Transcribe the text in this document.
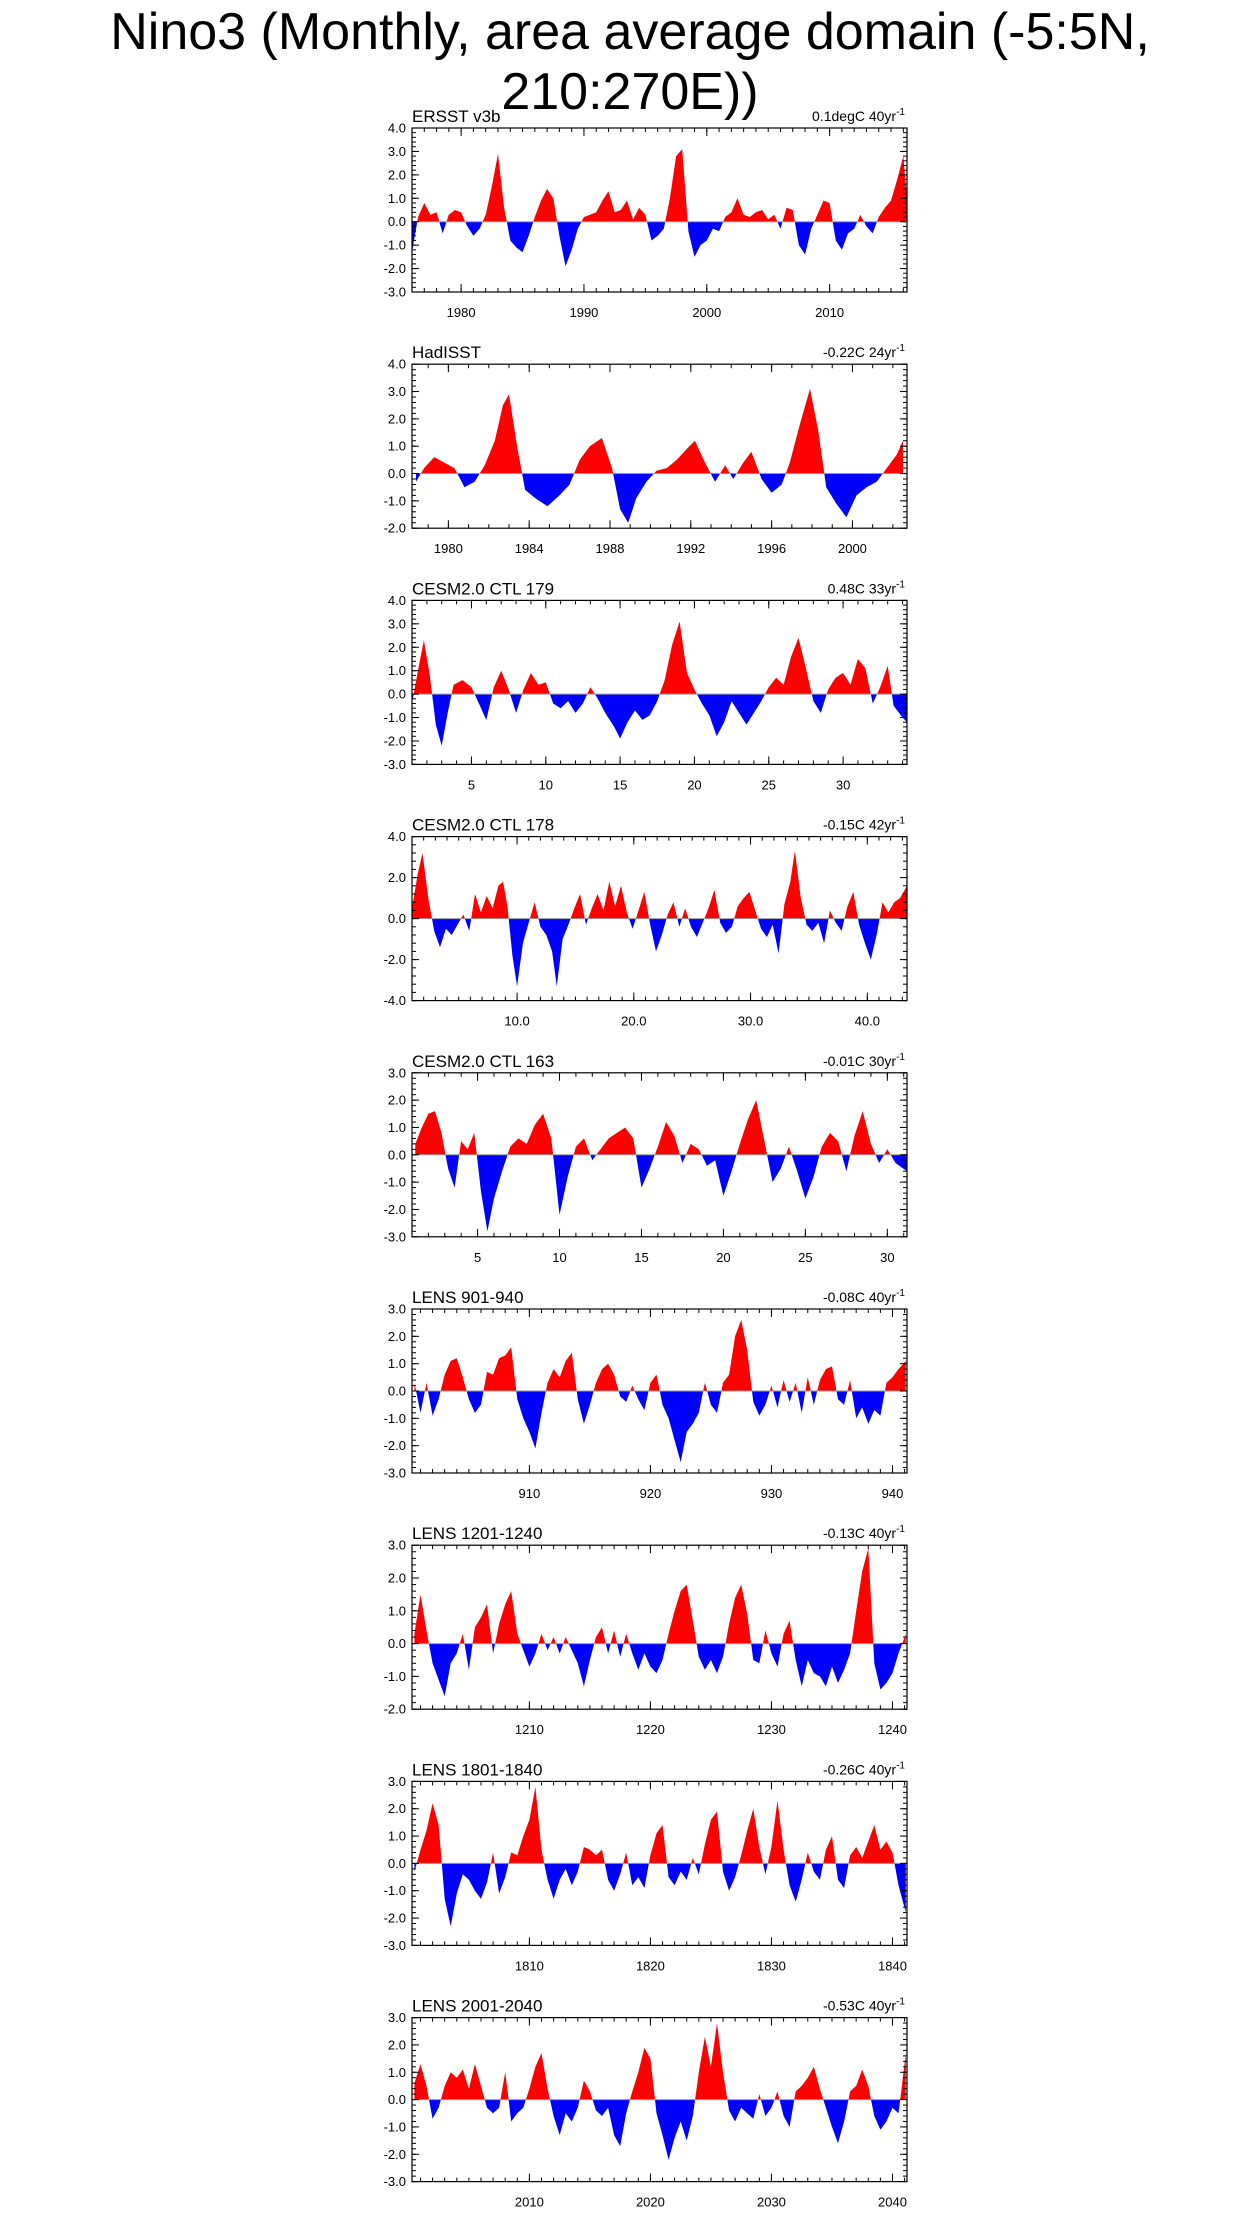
Nino3 (Monthly, area average domain (-5:5N, 210:270E))
ERSST v3b	0.1degC $40yr^{-1}$
4.0
3.0
2.0
1.0
0.0
-1.0
-2.0
-3.0
1980	1990	2000	2010
HadISST	-0.22C $24yr^{-1}$
4.0
3.0
2.0
1.0
0.0
-1.0
-2.0
1980	1984	1988	1992	1996	2000
CESM2.0 CTL 179	0.48C $33yr^{-1}$
4.0
3.0
2.0
1.0
0.0
-1.0
-2.0
-3.0
5	10	15	20	25	30
CESM2.0 CTL 178	-0.15C $42yr^{-1}$
4.0
2.0
0.0
-2.0
-4.0
10.0	20.0	30.0	40.0
CESM2.0 CTL 163	-0.01C $30yr^{-1}$
3.0
2.0
1.0
0.0
-1.0
-2.0
-3.0
5	10	15	20	25	30
LENS 901-940	-0.08C $40yr^{-1}$
3.0
2.0
1.0
0.0
-1.0
-2.0
-3.0
910	920	930	940
LENS 1201-1240	-0.13C $40yr^{-1}$
3.0
2.0
1.0
0.0
-1.0
-2.0
1210	1220	1230	1240
LENS 1801-1840	-0.26C $40yr^{-1}$
3.0
2.0
1.0
0.0
-1.0
-2.0
-3.0
1810	1820	1830	1840
LENS 2001-2040	-0.53C $40yr^{-1}$
3.0
2.0
1.0
0.0
-1.0
-2.0
-3.0
2010	2020	2030	2040
